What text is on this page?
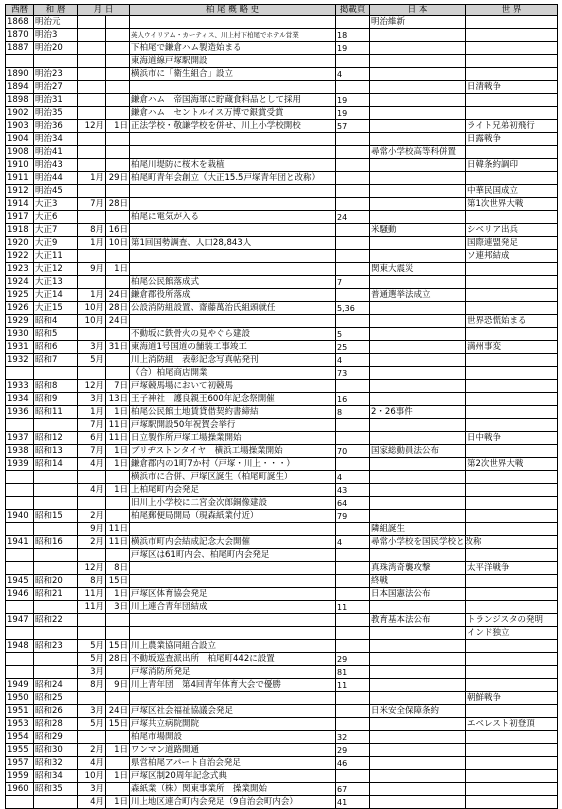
西暦	和 暦	月 日		柏 尾 概 略 史	掲載頁	日 本	世 界
1868	明治元					明治維新	
1870	明治3			英人ウイリアム・カーティス、川上村下柏尾でホテル営業	18		
1887	明治20			下柏尾で鎌倉ハム製造始まる	19		
				東海道線戸塚駅開設			
1890	明治23			横浜市に「衛生組合」設立	4		
1894	明治27						日清戦争
1898	明治31			鎌倉ハム　帝国海軍に貯蔵食料品として採用	19		
1902	明治35			鎌倉ハム　セントルイス万博で銀賞受賞	19		
1903	明治36	12月	1日	正法学校・敬謙学校を併せ、川上小学校開校	57		ライト兄弟初飛行
1904	明治34						日露戦争
1908	明治41					尋常小学校高等科併置	
1910	明治43			柏尾川堤防に桜木を栽植			日韓条約調印
1911	明治44	1月	29日	柏尾町青年会創立（大正15.5戸塚青年団と改称）			
1912	明治45						中華民国成立
1914	大正3	7月	28日				第1次世界大戦
1917	大正6			柏尾に電気が入る	24		
1918	大正7	8月	16日			米騒動	シベリア出兵
1920	大正9	1月	10日	第1回国勢調査、人口28,843人			国際連盟発足
1922	大正11						ソ連邦結成
1923	大正12	9月	1日			関東大震災	
1924	大正13			柏尾公民館落成式	7		
1925	大正14	1月	24日	鎌倉郡役所落成		普通選挙法成立	
1926	大正15	10月	28日	公設消防組設置、齋藤萬治氏組頭就任	5,36		
1929	昭和4	10月	24日				世界恐慌始まる
1930	昭和5			不動坂に鉄骨火の見やぐら建設	5		
1931	昭和6	3月	31日	東海道1号国道の舗装工事竣工	25		満州事変
1932	昭和7	5月		川上消防組　表彰記念写真帖発刊	4		
				（合）柏尾商店開業	73		
1933	昭和8	12月	7日	戸塚競馬場において初競馬			
1934	昭和9	3月	13日	王子神社　護良親王600年記念祭開催	16		
1936	昭和11	1月	1日	柏尾公民館土地賃貸借契約書締結	8	2・26事件	
		7月	11日	戸塚駅開設50年祝賀会挙行			
1937	昭和12	6月	11日	日立製作所戸塚工場操業開始			日中戦争
1938	昭和13	7月	1日	ブリヂストンタイヤ　横浜工場操業開始	70	国家総動員法公布	
1939	昭和14	4月	1日	鎌倉郡内の1町7か村（戸塚・川上・・・）			第2次世界大戦
				横浜市に合併、戸塚区誕生（柏尾町誕生）	4		
		4月	1日	上柏尾町内会発足	43		
				旧川上小学校に二宮金次郎銅像建設	64		
1940	昭和15	2月		柏尾郵便局開局（現森紙業付近）	79		
		9月	11日			隣組誕生	
1941	昭和16	2月	11日	横浜市町内会結成記念大会開催	4	尋常小学校を国民学校と改称	
				戸塚区は61町内会、柏尾町内会発足			
		12月	8日			真珠湾奇襲攻撃	太平洋戦争
1945	昭和20	8月	15日			終戦	
1946	昭和21	11月	1日	戸塚区体育協会発足		日本国憲法公布	
		11月	3日	川上連合青年団結成	11		
1947	昭和22					教育基本法公布	トランジスタの発明
							インド独立
1948	昭和23	5月	15日	川上農業協同組合設立			
		5月	28日	不動坂巡査派出所　柏尾町442に設置	29		
		3月		戸塚消防所発足	81		
1949	昭和24	8月	9日	川上青年団　第4回青年体育大会で優勝	11		
1950	昭和25						朝鮮戦争
1951	昭和26	3月	24日	戸塚区社会福祉協議会発足		日米安全保障条約	
1953	昭和28	5月	15日	戸塚共立病院開院			エベレスト初登頂
1954	昭和29			柏尾市場開設	32		
1955	昭和30	2月	1日	ワンマン道路開通	29		
1957	昭和32	4月		県営柏尾アパート自治会発足	46		
1959	昭和34	10月	1日	戸塚区制20周年記念式典			
1960	昭和35	3月		森紙業（株）関東事業所　操業開始	67		
		4月	1日	川上地区連合町内会発足（9自治会町内会）	41		
